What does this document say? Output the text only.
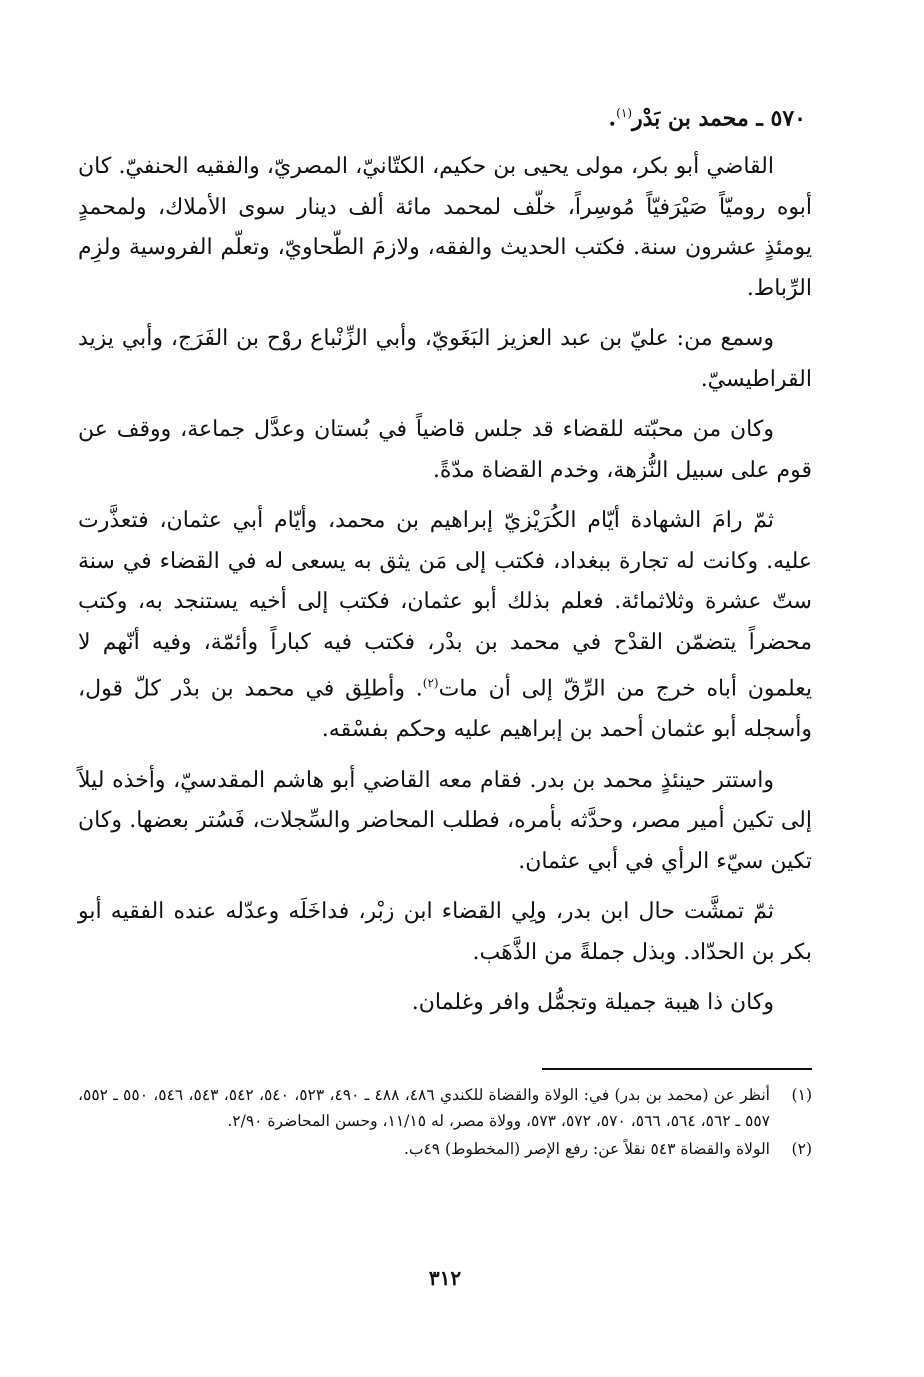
٥٧٠ ـ محمد بن بَدْر$^{(١)}$.

القاضي أبو بكر، مولى يحيى بن حكيم، الكتّانيّ، المصريّ، والفقيه الحنفيّ. كان أبوه روميّاً صَيْرَفيّاً مُوسِراً، خلّف لمحمد مائة ألف دينار سوى الأملاك، ولمحمدٍ يومئذٍ عشرون سنة. فكتب الحديث والفقه، ولازمَ الطّحاويّ، وتعلّم الفروسية ولزِم الرِّباط.

وسمع من: عليّ بن عبد العزيز البَغَويّ، وأبي الزِّنْباع روْح بن الفَرَج، وأبي يزيد القراطيسيّ.

وكان من محبّته للقضاء قد جلس قاضياً في بُستان وعدَّل جماعة، ووقف عن قوم على سبيل النُّزهة، وخدم القضاة مدّةً.

ثمّ رامَ الشهادة أيّام الكُرَيْزيّ إبراهيم بن محمد، وأيّام أبي عثمان، فتعذَّرت عليه. وكانت له تجارة ببغداد، فكتب إلى مَن يثق به يسعى له في القضاء في سنة ستّ عشرة وثلاثمائة. فعلم بذلك أبو عثمان، فكتب إلى أخيه يستنجد به، وكتب محضراً يتضمّن القدْح في محمد بن بدْر، فكتب فيه كباراً وأئمّة، وفيه أنّهم لا يعلمون أباه خرج من الرِّقّ إلى أن مات$^{(٢)}$. وأطلِق في محمد بن بدْر كلّ قول، وأسجله أبو عثمان أحمد بن إبراهيم عليه وحكم بفسْقه.

واستتر حينئذٍ محمد بن بدر. فقام معه القاضي أبو هاشم المقدسيّ، وأخذه ليلاً إلى تكين أمير مصر، وحدَّثه بأمره، فطلب المحاضر والسِّجلات، فَسُتر بعضها. وكان تكين سيّء الرأي في أبي عثمان.

ثمّ تمشَّت حال ابن بدر، ولِي القضاء ابن زبْر، فداخَلَه وعدّله عنده الفقيه أبو بكر بن الحدّاد. وبذل جملةً من الذَّهَب.

وكان ذا هيبة جميلة وتجمُّل وافر وغلمان.

(١)
أنظر عن (محمد بن بدر) في: الولاة والقضاة للكندي ٤٨٦، ٤٨٨ ـ ٤٩٠، ٥٢٣، ٥٤٠، ٥٤٢، ٥٤٣، ٥٤٦، ٥٥٠ ـ ٥٥٢، ٥٥٧ ـ ٥٦٢، ٥٦٤، ٥٦٦، ٥٧٠، ٥٧٢، ٥٧٣، وولاة مصر، له ١١/١٥، وحسن المحاضرة ٢/٩٠.
(٢)
الولاة والقضاة ٥٤٣ نقلاً عن: رفع الإصر (المخطوط) ٤٩ب.
٣١٢
